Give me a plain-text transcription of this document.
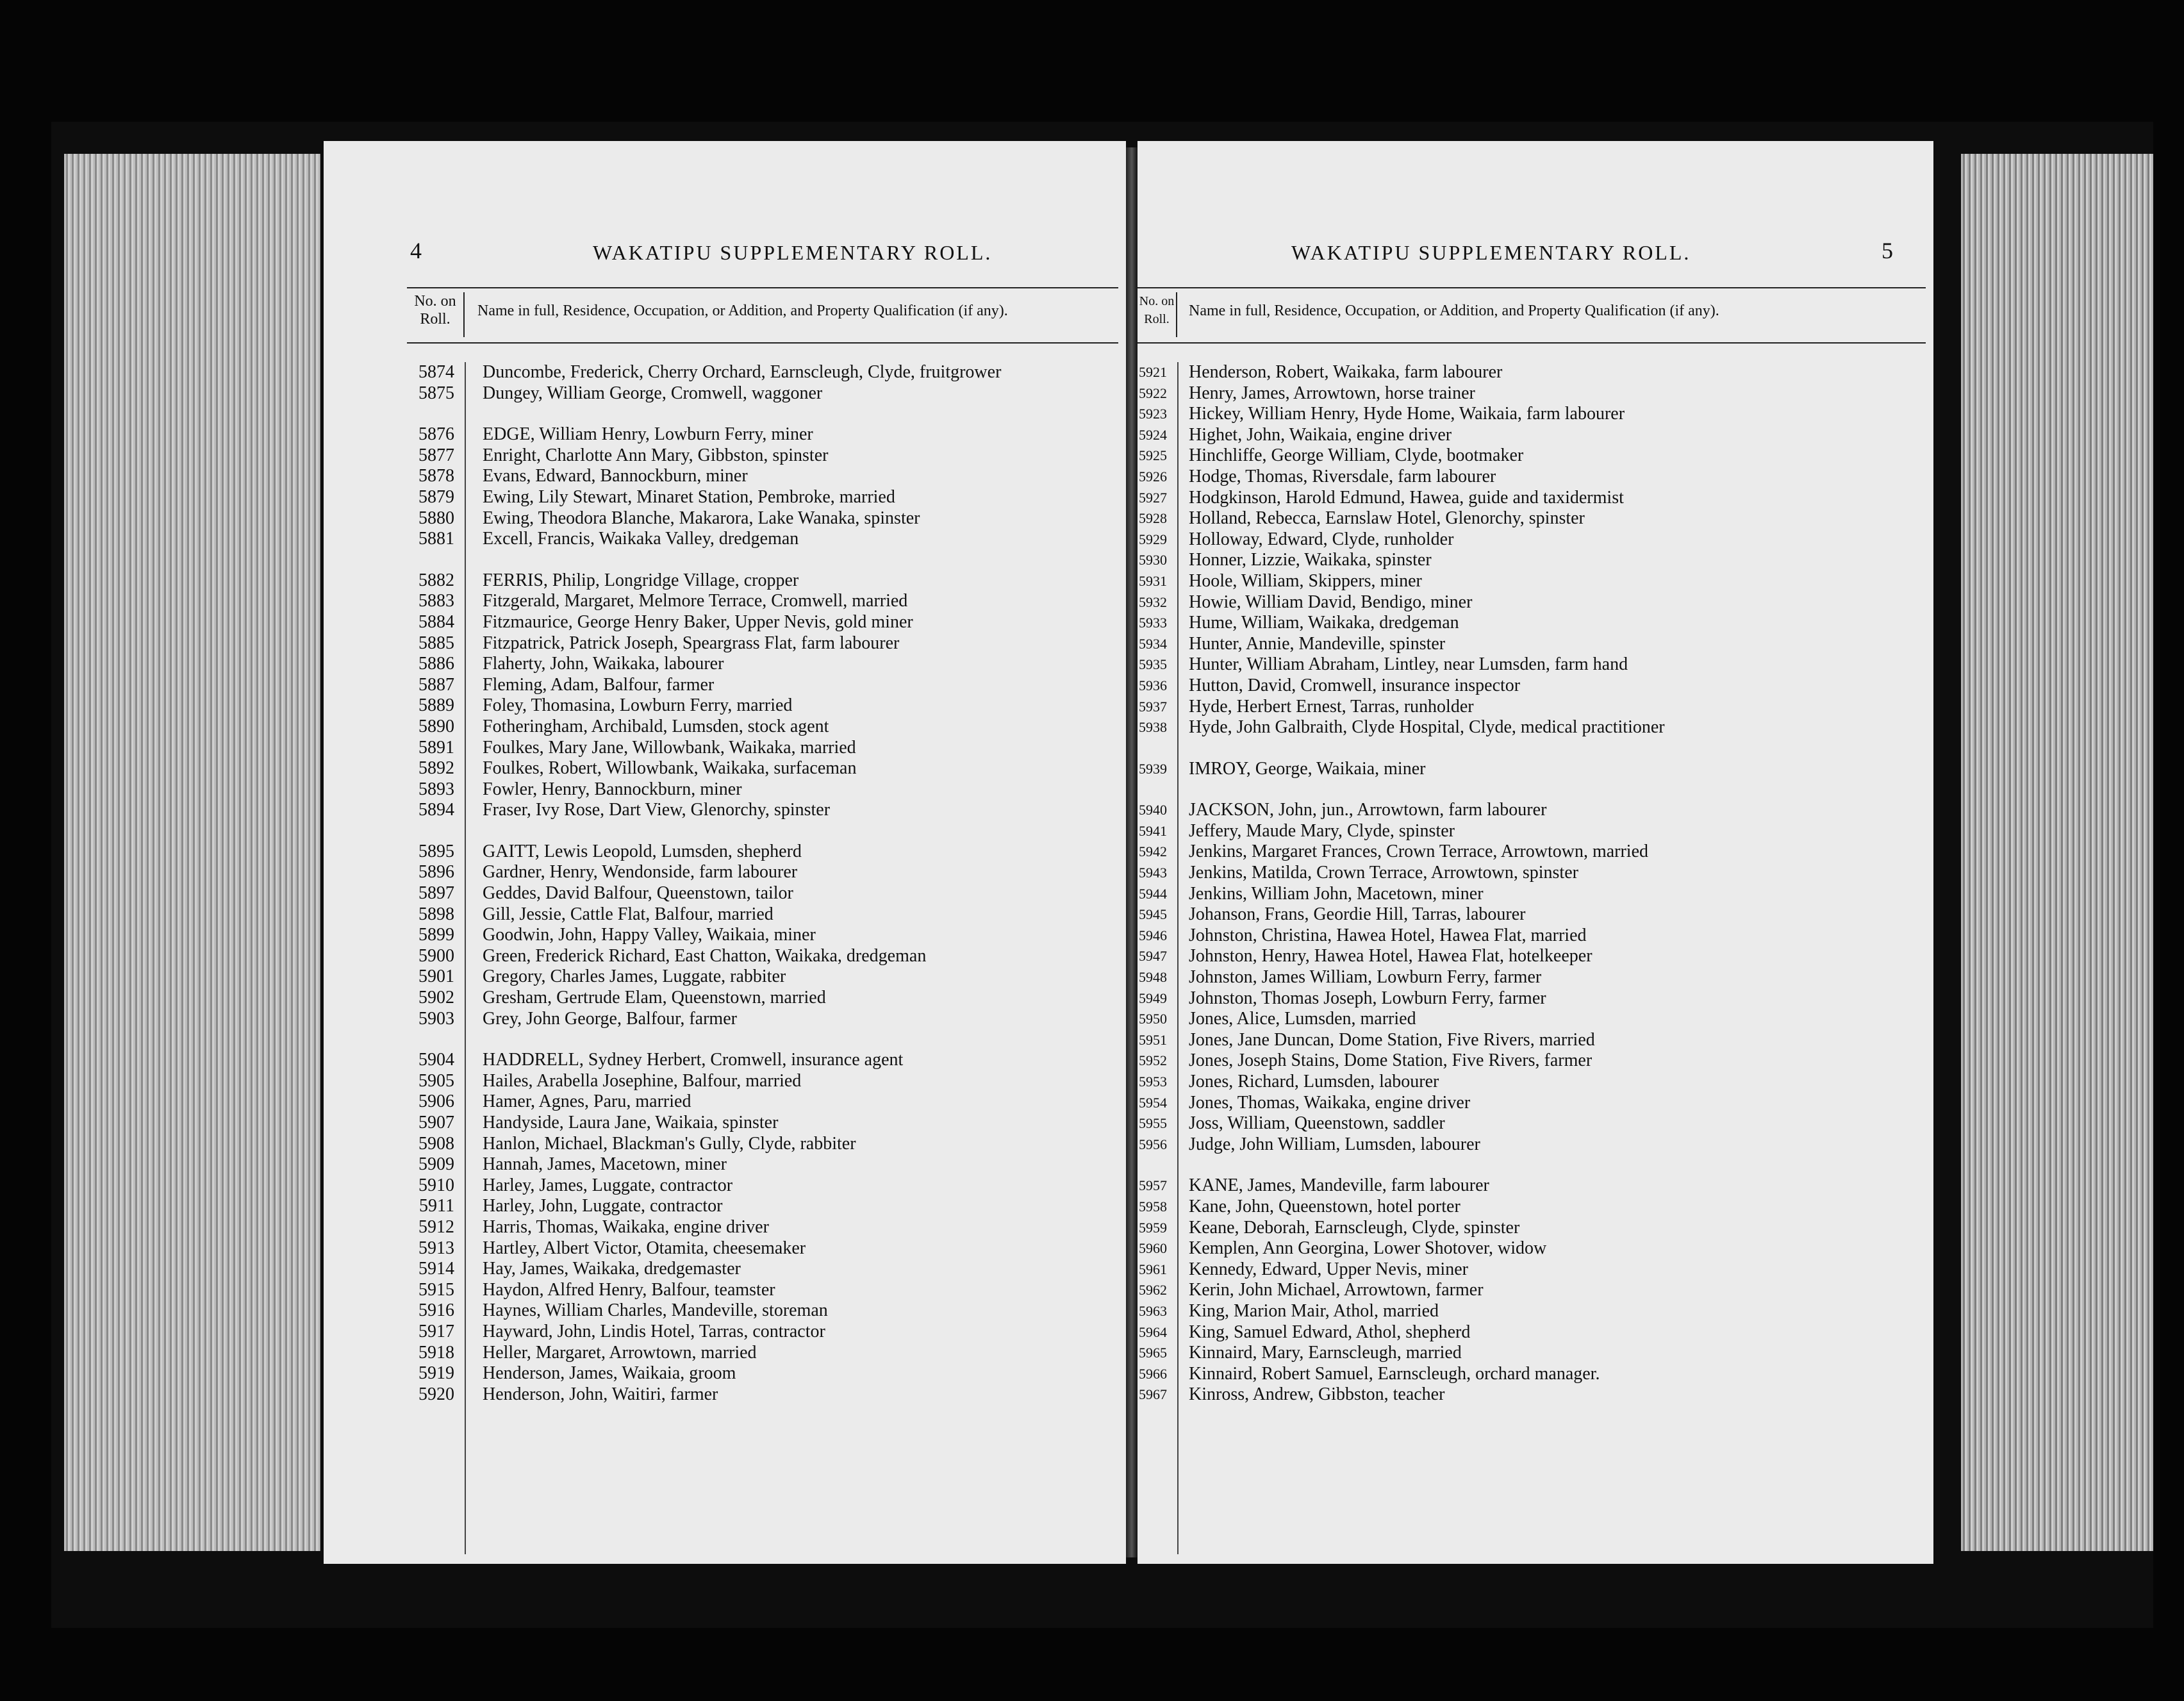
4	WAKATIPU SUPPLEMENTARY ROLL.
No. on Roll.	Name in full, Residence, Occupation, or Addition, and Property Qualification (if any).
5874	Duncombe, Frederick, Cherry Orchard, Earnscleugh, Clyde, fruitgrower
5875	Dungey, William George, Cromwell, waggoner
5876	EDGE, William Henry, Lowburn Ferry, miner
5877	Enright, Charlotte Ann Mary, Gibbston, spinster
5878	Evans, Edward, Bannockburn, miner
5879	Ewing, Lily Stewart, Minaret Station, Pembroke, married
5880	Ewing, Theodora Blanche, Makarora, Lake Wanaka, spinster
5881	Excell, Francis, Waikaka Valley, dredgeman
5882	FERRIS, Philip, Longridge Village, cropper
5883	Fitzgerald, Margaret, Melmore Terrace, Cromwell, married
5884	Fitzmaurice, George Henry Baker, Upper Nevis, gold miner
5885	Fitzpatrick, Patrick Joseph, Speargrass Flat, farm labourer
5886	Flaherty, John, Waikaka, labourer
5887	Fleming, Adam, Balfour, farmer
5889	Foley, Thomasina, Lowburn Ferry, married
5890	Fotheringham, Archibald, Lumsden, stock agent
5891	Foulkes, Mary Jane, Willowbank, Waikaka, married
5892	Foulkes, Robert, Willowbank, Waikaka, surfaceman
5893	Fowler, Henry, Bannockburn, miner
5894	Fraser, Ivy Rose, Dart View, Glenorchy, spinster
5895	GAITT, Lewis Leopold, Lumsden, shepherd
5896	Gardner, Henry, Wendonside, farm labourer
5897	Geddes, David Balfour, Queenstown, tailor
5898	Gill, Jessie, Cattle Flat, Balfour, married
5899	Goodwin, John, Happy Valley, Waikaia, miner
5900	Green, Frederick Richard, East Chatton, Waikaka, dredgeman
5901	Gregory, Charles James, Luggate, rabbiter
5902	Gresham, Gertrude Elam, Queenstown, married
5903	Grey, John George, Balfour, farmer
5904	HADDRELL, Sydney Herbert, Cromwell, insurance agent
5905	Hailes, Arabella Josephine, Balfour, married
5906	Hamer, Agnes, Paru, married
5907	Handyside, Laura Jane, Waikaia, spinster
5908	Hanlon, Michael, Blackman's Gully, Clyde, rabbiter
5909	Hannah, James, Macetown, miner
5910	Harley, James, Luggate, contractor
5911	Harley, John, Luggate, contractor
5912	Harris, Thomas, Waikaka, engine driver
5913	Hartley, Albert Victor, Otamita, cheesemaker
5914	Hay, James, Waikaka, dredgemaster
5915	Haydon, Alfred Henry, Balfour, teamster
5916	Haynes, William Charles, Mandeville, storeman
5917	Hayward, John, Lindis Hotel, Tarras, contractor
5918	Heller, Margaret, Arrowtown, married
5919	Henderson, James, Waikaia, groom
5920	Henderson, John, Waitiri, farmer
WAKATIPU SUPPLEMENTARY ROLL.	5
No. on Roll.	Name in full, Residence, Occupation, or Addition, and Property Qualification (if any).
5921	Henderson, Robert, Waikaka, farm labourer
5922	Henry, James, Arrowtown, horse trainer
5923	Hickey, William Henry, Hyde Home, Waikaia, farm labourer
5924	Highet, John, Waikaia, engine driver
5925	Hinchliffe, George William, Clyde, bootmaker
5926	Hodge, Thomas, Riversdale, farm labourer
5927	Hodgkinson, Harold Edmund, Hawea, guide and taxidermist
5928	Holland, Rebecca, Earnslaw Hotel, Glenorchy, spinster
5929	Holloway, Edward, Clyde, runholder
5930	Honner, Lizzie, Waikaka, spinster
5931	Hoole, William, Skippers, miner
5932	Howie, William David, Bendigo, miner
5933	Hume, William, Waikaka, dredgeman
5934	Hunter, Annie, Mandeville, spinster
5935	Hunter, William Abraham, Lintley, near Lumsden, farm hand
5936	Hutton, David, Cromwell, insurance inspector
5937	Hyde, Herbert Ernest, Tarras, runholder
5938	Hyde, John Galbraith, Clyde Hospital, Clyde, medical practitioner
5939	IMROY, George, Waikaia, miner
5940	JACKSON, John, jun., Arrowtown, farm labourer
5941	Jeffery, Maude Mary, Clyde, spinster
5942	Jenkins, Margaret Frances, Crown Terrace, Arrowtown, married
5943	Jenkins, Matilda, Crown Terrace, Arrowtown, spinster
5944	Jenkins, William John, Macetown, miner
5945	Johanson, Frans, Geordie Hill, Tarras, labourer
5946	Johnston, Christina, Hawea Hotel, Hawea Flat, married
5947	Johnston, Henry, Hawea Hotel, Hawea Flat, hotelkeeper
5948	Johnston, James William, Lowburn Ferry, farmer
5949	Johnston, Thomas Joseph, Lowburn Ferry, farmer
5950	Jones, Alice, Lumsden, married
5951	Jones, Jane Duncan, Dome Station, Five Rivers, married
5952	Jones, Joseph Stains, Dome Station, Five Rivers, farmer
5953	Jones, Richard, Lumsden, labourer
5954	Jones, Thomas, Waikaka, engine driver
5955	Joss, William, Queenstown, saddler
5956	Judge, John William, Lumsden, labourer
5957	KANE, James, Mandeville, farm labourer
5958	Kane, John, Queenstown, hotel porter
5959	Keane, Deborah, Earnscleugh, Clyde, spinster
5960	Kemplen, Ann Georgina, Lower Shotover, widow
5961	Kennedy, Edward, Upper Nevis, miner
5962	Kerin, John Michael, Arrowtown, farmer
5963	King, Marion Mair, Athol, married
5964	King, Samuel Edward, Athol, shepherd
5965	Kinnaird, Mary, Earnscleugh, married
5966	Kinnaird, Robert Samuel, Earnscleugh, orchard manager.
5967	Kinross, Andrew, Gibbston, teacher
